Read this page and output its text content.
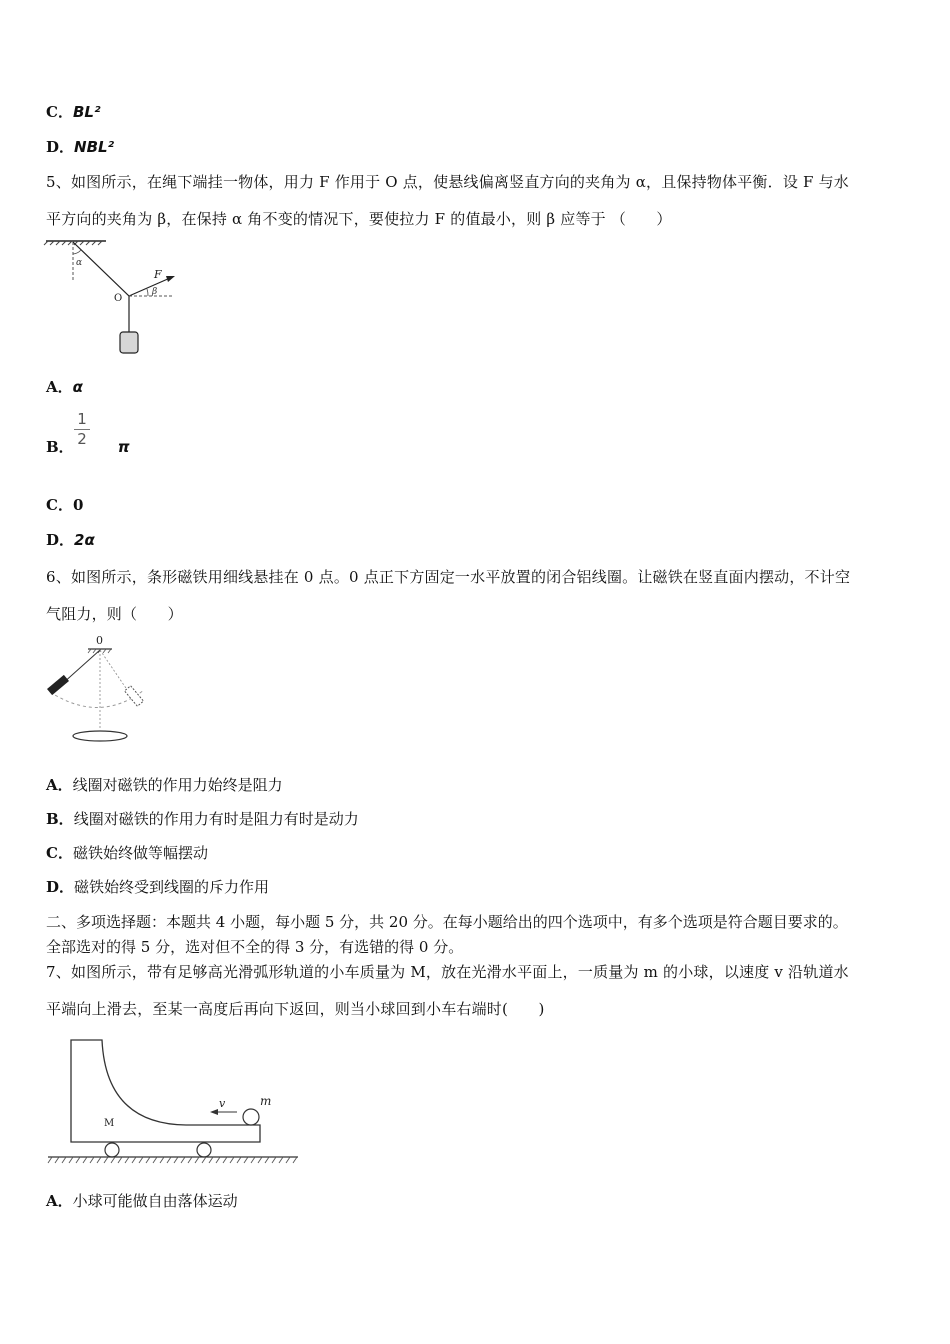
C．BL²
D．NBL²
5、如图所示，在绳下端挂一物体，用力 F 作用于 O 点，使悬线偏离竖直方向的夹角为 α，且保持物体平衡．设 F 与水
平方向的夹角为 β，在保持 α 角不变的情况下，要使拉力 F 的值最小，则 β 应等于 （　　）
α
F
β
O
A．α
B．	π
$\frac{1}{2}$
C．0
D．2α
6、如图所示，条形磁铁用细线悬挂在 0 点。0 点正下方固定一水平放置的闭合铝线圈。让磁铁在竖直面内摆动，不计空
气阻力，则（　　）
0
A．线圈对磁铁的作用力始终是阻力
B．线圈对磁铁的作用力有时是阻力有时是动力
C．磁铁始终做等幅摆动
D．磁铁始终受到线圈的斥力作用
二、多项选择题：本题共 4 小题，每小题 5 分，共 20 分。在每小题给出的四个选项中，有多个选项是符合题目要求的。
全部选对的得 5 分，选对但不全的得 3 分，有选错的得 0 分。
7、如图所示，带有足够高光滑弧形轨道的小车质量为 M，放在光滑水平面上，一质量为 m 的小球，以速度 v 沿轨道水
平端向上滑去，至某一高度后再向下返回，则当小球回到小车右端时(　　)
M
v	m
A．小球可能做自由落体运动
